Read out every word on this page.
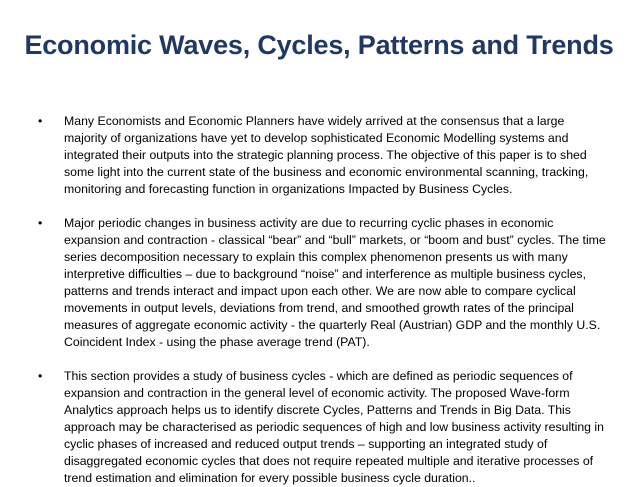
Economic Waves, Cycles, Patterns and Trends
•	Many Economists and Economic Planners have widely arrived at the consensus that a large majority of organizations have yet to develop sophisticated Economic Modelling systems and integrated their outputs into the strategic planning process. The objective of this paper is to shed some light into the current state of the business and economic environmental scanning, tracking, monitoring and forecasting function in organizations Impacted by Business Cycles.
•	Major periodic changes in business activity are due to recurring cyclic phases in economic expansion and contraction - classical “bear” and “bull” markets, or “boom and bust” cycles. The time series decomposition necessary to explain this complex phenomenon presents us with many interpretive difficulties – due to background “noise” and interference as multiple business cycles, patterns and trends interact and impact upon each other. We are now able to compare cyclical movements in output levels, deviations from trend, and smoothed growth rates of the principal measures of aggregate economic activity - the quarterly Real (Austrian) GDP and the monthly U.S. Coincident Index - using the phase average trend (PAT).
•	This section provides a study of business cycles - which are defined as periodic sequences of expansion and contraction in the general level of economic activity. The proposed Wave-form Analytics approach helps us to identify discrete Cycles, Patterns and Trends in Big Data. This approach may be characterised as periodic sequences of high and low business activity resulting in cyclic phases of increased and reduced output trends – supporting an integrated study of disaggregated economic cycles that does not require repeated multiple and iterative processes of trend estimation and elimination for every possible business cycle duration..
